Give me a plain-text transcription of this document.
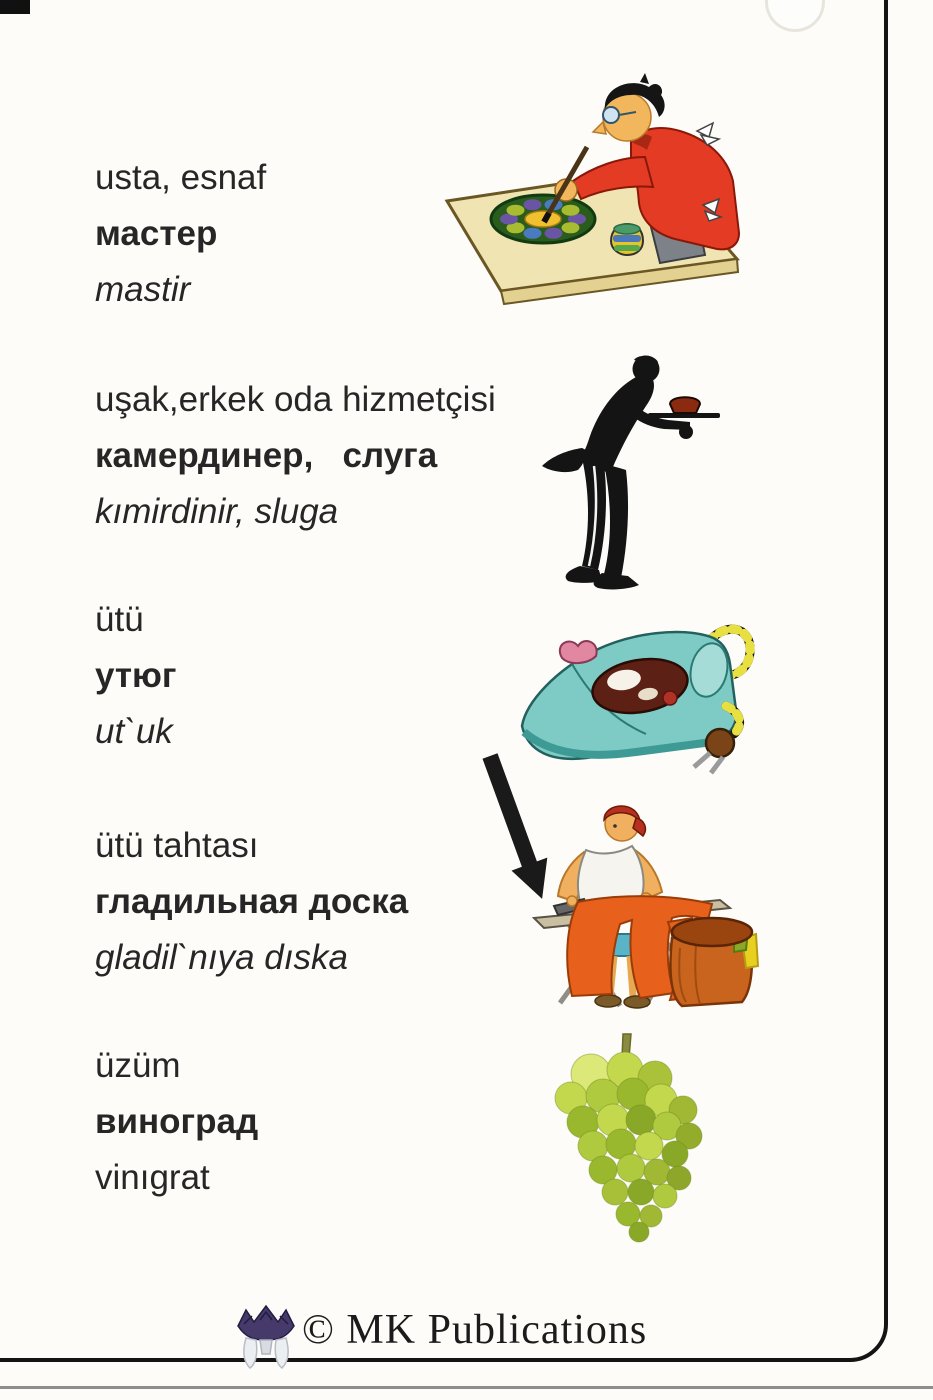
usta, esnaf
мастер
mastir
uşak,erkek oda hizmetçisi
камердинер,   слуга
kımirdinir, sluga
ütü
утюг
ut`uk
ütü tahtası
гладильная доска
gladil`nıya dıska
üzüm
виноград
vinıgrat
© MK Publications
